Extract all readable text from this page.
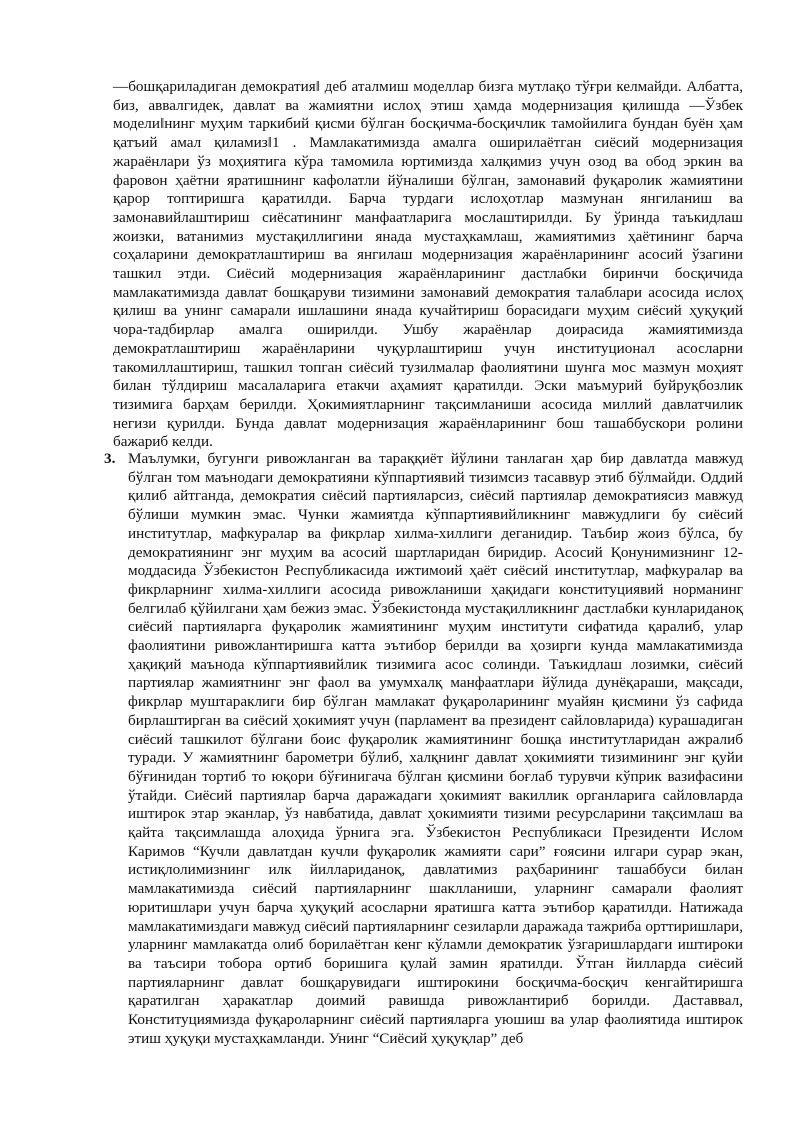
—бошқариладиган демократия‖ деб аталмиш моделлар бизга мутлақо тўғри келмайди. Албатта, биз, аввалгидек, давлат ва жамиятни ислоҳ этиш ҳамда модернизация қилишда —Ўзбек модели‖нинг муҳим таркибий қисми бўлган босқичма-босқичлик тамойилига бундан буён ҳам қатъий амал қиламиз‖1 . Мамлакатимизда амалга оширилаётган сиёсий модернизация жараёнлари ўз моҳиятига кўра тамомила юртимизда халқимиз учун озод ва обод эркин ва фаровон ҳаётни яратишнинг кафолатли йўналиши бўлган, замонавий фуқаролик жамиятини қарор топтиришга қаратилди. Барча турдаги ислоҳотлар мазмунан янгиланиш ва замонавийлаштириш сиёсатининг манфаатларига мослаштирилди. Бу ўринда таъкидлаш жоизки, ватанимиз мустақиллигини янада мустаҳкамлаш, жамиятимиз ҳаётининг барча соҳаларини демократлаштириш ва янгилаш модернизация жараёнларининг асосий ўзагини ташкил этди. Сиёсий модернизация жараёнларининг дастлабки биринчи босқичида мамлакатимизда давлат бошқаруви тизимини замонавий демократия талаблари асосида ислоҳ қилиш ва унинг самарали ишлашини янада кучайтириш борасидаги муҳим сиёсий ҳуқуқий чора-тадбирлар амалга оширилди. Ушбу жараёнлар доирасида жамиятимизда демократлаштириш жараёнларини чуқурлаштириш учун институционал асосларни такомиллаштириш, ташкил топган сиёсий тузилмалар фаолиятини шунга мос мазмун моҳият билан тўлдириш масалаларига етакчи аҳамият қаратилди. Эски маъмурий буйруқбозлик тизимига барҳам берилди. Ҳокимиятларнинг тақсимланиши асосида миллий давлатчилик негизи қурилди. Бунда давлат модернизация жараёнларининг бош ташаббускори ролини бажариб келди.

3. Маълумки, бугунги ривожланган ва тараққиёт йўлини танлаган ҳар бир давлатда мавжуд бўлган том маънодаги демократияни кўппартиявий тизимсиз тасаввур этиб бўлмайди. Оддий қилиб айтганда, демократия сиёсий партияларсиз, сиёсий партиялар демократиясиз мавжуд бўлиши мумкин эмас. Чунки жамиятда кўппартиявийликнинг мавжудлиги бу сиёсий институтлар, мафкуралар ва фикрлар хилма-хиллиги деганидир. Таъбир жоиз бўлса, бу демократиянинг энг муҳим ва асосий шартларидан биридир. Асосий Қонунимизнинг 12-моддасида Ўзбекистон Республикасида ижтимоий ҳаёт сиёсий институтлар, мафкуралар ва фикрларнинг хилма-хиллиги асосида ривожланиши ҳақидаги конституциявий норманинг белгилаб қўйилгани ҳам бежиз эмас. Ўзбекистонда мустақилликнинг дастлабки кунлариданоқ сиёсий партияларга фуқаролик жамиятининг муҳим институти сифатида қаралиб, улар фаолиятини ривожлантиришга катта эътибор берилди ва ҳозирги кунда мамлакатимизда ҳақиқий маънода кўппартиявийлик тизимига асос солинди. Таъкидлаш лозимки, сиёсий партиялар жамиятнинг энг фаол ва умумхалқ манфаатлари йўлида дунёқараши, мақсади, фикрлар муштараклиги бир бўлган мамлакат фуқароларининг муайян қисмини ўз сафида бирлаштирган ва сиёсий ҳокимият учун (парламент ва президент сайловларида) курашадиган сиёсий ташкилот бўлгани боис фуқаролик жамиятининг бошқа институтларидан ажралиб туради. У жамиятнинг барометри бўлиб, халқнинг давлат ҳокимияти тизимининг энг қуйи бўғинидан тортиб то юқори бўғинигача бўлган қисмини боғлаб турувчи кўприк вазифасини ўтайди. Сиёсий партиялар барча даражадаги ҳокимият вакиллик органларига сайловларда иштирок этар эканлар, ўз навбатида, давлат ҳокимияти тизими ресурсларини тақсимлаш ва қайта тақсимлашда алоҳида ўрнига эга. Ўзбекистон Республикаси Президенти Ислом Каримов “Кучли давлатдан кучли фуқаролик жамияти сари” ғоясини илгари сурар экан, истиқлолимизнинг илк йиллариданоқ, давлатимиз раҳбарининг ташаббуси билан мамлакатимизда сиёсий партияларнинг шаклланиши, уларнинг самарали фаолият юритишлари учун барча ҳуқуқий асосларни яратишга катта эътибор қаратилди. Натижада мамлакатимиздаги мавжуд сиёсий партияларнинг сезиларли даражада тажриба орттиришлари, уларнинг мамлакатда олиб борилаётган кенг кўламли демократик ўзгаришлардаги иштироки ва таъсири тобора ортиб боришига қулай замин яратилди. Ўтган йилларда сиёсий партияларнинг давлат бошқарувидаги иштирокини босқичма-босқич кенгайтиришга қаратилган ҳаракатлар доимий равишда ривожлантириб борилди. Даставвал, Конституциямизда фуқароларнинг сиёсий партияларга уюшиш ва улар фаолиятида иштирок этиш ҳуқуқи мустаҳкамланди. Унинг “Сиёсий ҳуқуқлар” деб
